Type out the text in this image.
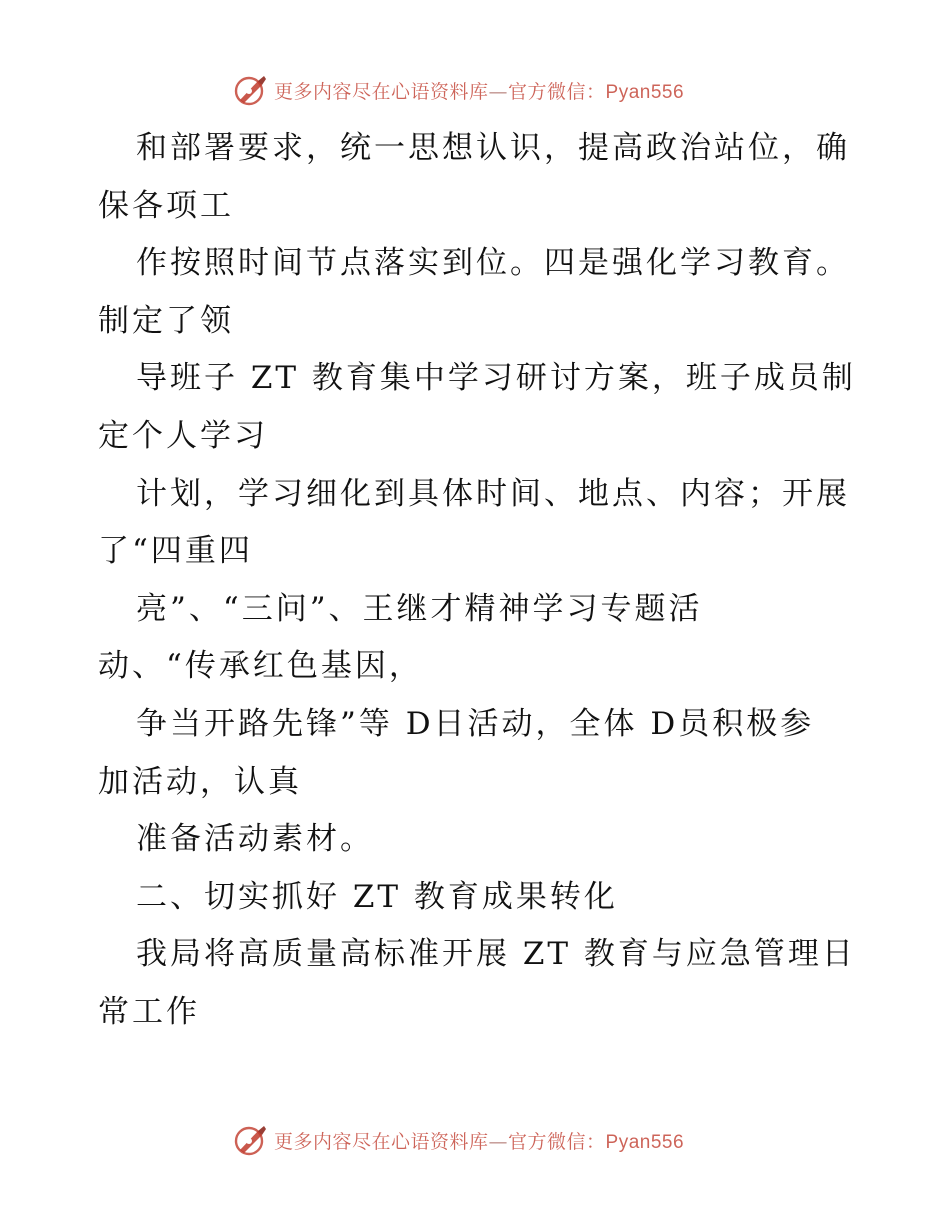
更多内容尽在心语资料库—官方微信：Pyan556
和部署要求，统一思想认识，提高政治站位，确
保各项工
作按照时间节点落实到位。四是强化学习教育。
制定了领
导班子 ZT 教育集中学习研讨方案，班子成员制
定个人学习
计划，学习细化到具体时间、地点、内容；开展
了“四重四
亮”、“三问”、王继才精神学习专题活
动、“传承红色基因，
争当开路先锋”等 D日活动，全体 D员积极参
加活动，认真
准备活动素材。
二、切实抓好 ZT 教育成果转化
我局将高质量高标准开展 ZT 教育与应急管理日
常工作
更多内容尽在心语资料库—官方微信：Pyan556
